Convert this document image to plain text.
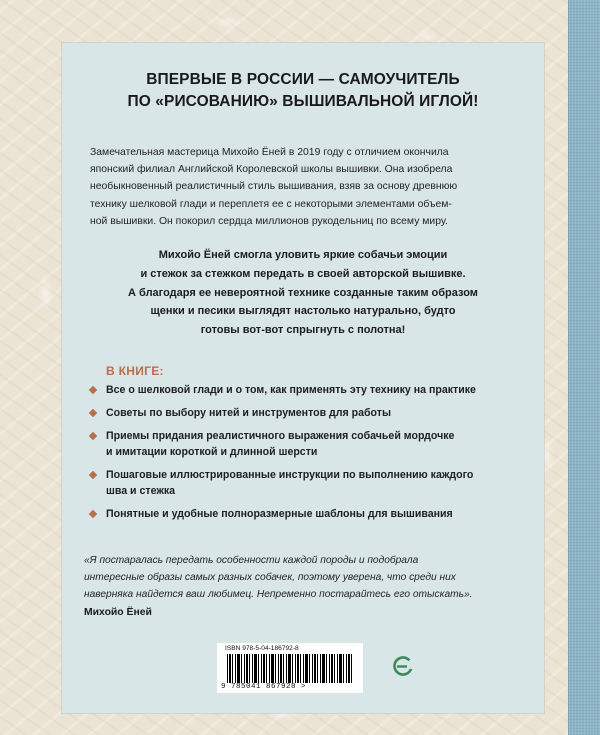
ВПЕРВЫЕ В РОССИИ — САМОУЧИТЕЛЬ
ПО «РИСОВАНИЮ» ВЫШИВАЛЬНОЙ ИГЛОЙ!
Замечательная мастерица Михойо Ёней в 2019 году с отличием окончила
японский филиал Английской Королевской школы вышивки. Она изобрела
необыкновенный реалистичный стиль вышивания, взяв за основу древнюю
технику шелковой глади и переплетя ее с некоторыми элементами объем-
ной вышивки. Он покорил сердца миллионов рукодельниц по всему миру.
Михойо Ёней смогла уловить яркие собачьи эмоции
и стежок за стежком передать в своей авторской вышивке.
А благодаря ее невероятной технике созданные таким образом
щенки и песики выглядят настолько натурально, будто
готовы вот-вот спрыгнуть с полотна!
В КНИГЕ:
Все о шелковой глади и о том, как применять эту технику на практике
Советы по выбору нитей и инструментов для работы
Приемы придания реалистичного выражения собачьей мордочке
и имитации короткой и длинной шерсти
Пошаговые иллюстрированные инструкции по выполнению каждого
шва и стежка
Понятные и удобные полноразмерные шаблоны для вышивания
«Я постаралась передать особенности каждой породы и подобрала
интересные образы самых разных собачек, поэтому уверена, что среди них
наверняка найдется ваш любимец. Непременно постарайтесь его отыскать».
Михойо Ёней
ISBN 978-5-04-186792-8
9 785041 867928 >
